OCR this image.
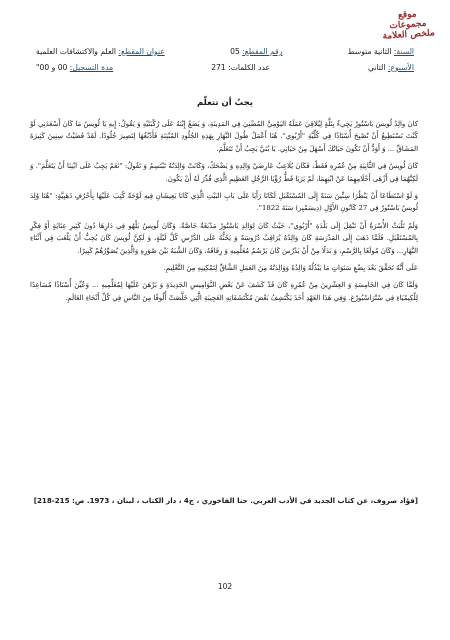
موقع
مجموعات
ملخص العلامة
السنة: الثانية متوسط
رقم المقطع: 05
عنوان المقطع: العلم والاكتشافات العلمية
الأسبوع: الثاني
عدد الكلمات: 271
مدة التسجيل: 00 و 00"
يجبُ أن تتعلّم

كانَ والِدُ لُويسَ بَاسْتُورْ يَجِيءُ بِتَلَّةٍ لِيُلاقِيَ عَمَلَهُ اليَوْمِيَّ المُضْنِيَ فِي المَدِينَةِ، وَ يَضَعُ إِبْنَهُ عَلَى رُكْبَتَيْهِ وَ يَقُولُ: إِيهِ يَا لُويسُ مَا كَانَ أَسْعَدَنِي لَوْ كُنْتَ تَسْتَطِيعُ أَنْ تُصْبِحَ أُسْتَاذًا فِي كُلِّيَّةِ "أَرْبُوي". هُنَا أَعْمَلُ طُولَ النَّهَارِ بِهَذِهِ الجُلُودِ المُنْتِنَةِ فَأَدْبُغُهَا لِتَصِيرَ جُلُودًا. لَقَدْ قَضَيْتُ سِنِينَ كَثِيرَةَ المَشَاقِّ ... وَ أَوَدُّ أَنْ تَكُونَ حَيَاتُكَ أَسْهَلَ مِنْ حَيَاتِي. يَا بُنَيَّ يَجِبُ أَنْ تَتَعَلَّمَ.

كَانَ لُويسُ فِي الثَّانِيَةِ مِنْ عُمُرِهِ فَقَطْ، فَكَانَ يُلَاعِبُ عَارِضَيْ وَالِدِهِ وَ يَضْحَكُ، وَكَانَتْ وَالِدَتُهُ تَبْتَسِمُ وَ تَقُولُ: "نَعَمْ يَجِبُ عَلَى ابْنِنَا أَنْ يَتَعَلَّمَ". وَ لَكِنَّهُمَا فِي أَزْهَى أَحْلَامِهِمَا عَنْ ابْنِهِمَا، لَمْ يَرَيَا قَطُّ رُؤْيَا الرَّجُلِ العَظِيمِ الَّذِي قُدِّرَ لَهُ أَنْ يَكُونَ.

وَ لَوْ اسْتَطَاعَا أَنْ يَنْظُرَا سِتِّينَ سَنَةً إِلَى المُسْتَقْبَلِ لَكَانَا رَأَيَا عَلَى بَابِ البَيْتِ الَّذِي كَانَا يَعِيشَانِ فِيهِ لَوْحَةً كُتِبَ عَلَيْهَا بِأَحْرُفٍ ذَهَبِيَّةٍ: "هُنَا وُلِدَ لُويسُ بَاسْتُورْ فِي 27 كَانُونِ الأَوَّلِ (دِيسَمْبِر) سَنَةَ 1822".

وَلَمْ تَلْبَثْ الأُسْرَةُ أَنْ تَنْقِلَ إِلَى بَلْدَةِ "أَرْبُوي"، حَيْثُ كَانَ لِوَالِدِ بَاسْتُورْ مَدْبَغَةٌ خَاصَّةٌ. وَكَانَ لُويسُ يَلْهُو فِي دَارِهَا دُونَ كَثِيرِ عِنَايَةٍ أَوْ فِكْرٍ بِالمُسْتَقْبَلِ. فَلَمَّا ذَهَبَ إِلَى المَدْرَسَةِ كَانَ وَالِدُهُ يُرَاقِبُ دُرُوسَهُ وَ يَحُثُّهُ عَلَى الدَّرْسِ كُلَّ لَيْلَةٍ، وَ لَكِنَّ لُويسَ كَانَ يُحِبُّ أَنْ يَلْعَبَ فِي أَثْنَاءِ النَّهَارِ... وَكَانَ مُولَعًا بِالرَّسْمِ، وَ بَدَلًا مِنْ أَنْ يَدْرُسَ كَانَ يَرْسُمُ مُعَلِّمِيهِ وَ رِفَاقَهُ، وَكَانَ الشَّبَهُ بَيْنَ صُوَرِهِ وَالَّذِينَ يُصَوِّرُهُمْ كَبِيرًا.

عَلَى أَنَّهُ تَحَقَّقَ بَعْدَ بِضْعِ سَنَوَاتٍ مَا يَبْذُلُهُ وَالِدُهُ وَوَالِدَتُهُ مِنَ العَمَلِ الشَّاقِّ لِتَمْكِينِهِ مِنَ التَّعْلِيمِ.

وَلَمَّا كَانَ فِي الخَامِسَةِ وَ العِشْرِينَ مِنْ عُمُرِهِ كَانَ قَدْ كَشَفَ عَنْ بَعْضِ النَّوَامِيسِ الجَدِيدَةِ وَ بَرْهَنَ عَلَيْهَا لِمُعَلِّمِيهِ ... وَعُيِّنَ أُسْتَاذًا مُسَاعِدًا لِلْكِيمْيَاءِ فِي سْتْرَاسْبُورْغ. وَفِي هَذَا العَهْدِ أَخَذَ يَكْتَشِفُ بَعْضَ مُكْتَشَفَاتِهِ العَجِيبَةِ الَّتِي خَلَّصَتْ أُلُوفًا مِنَ النَّاسِ فِي كُلِّ أَنْحَاءِ العَالَمِ.

[فؤاد صروف، عن كتاب الجديد في الأدب العربي. حنا الفاخوري ، ج4 ، دار الكتاب ، لبنان ، 1973. ص: 215-218]
102
